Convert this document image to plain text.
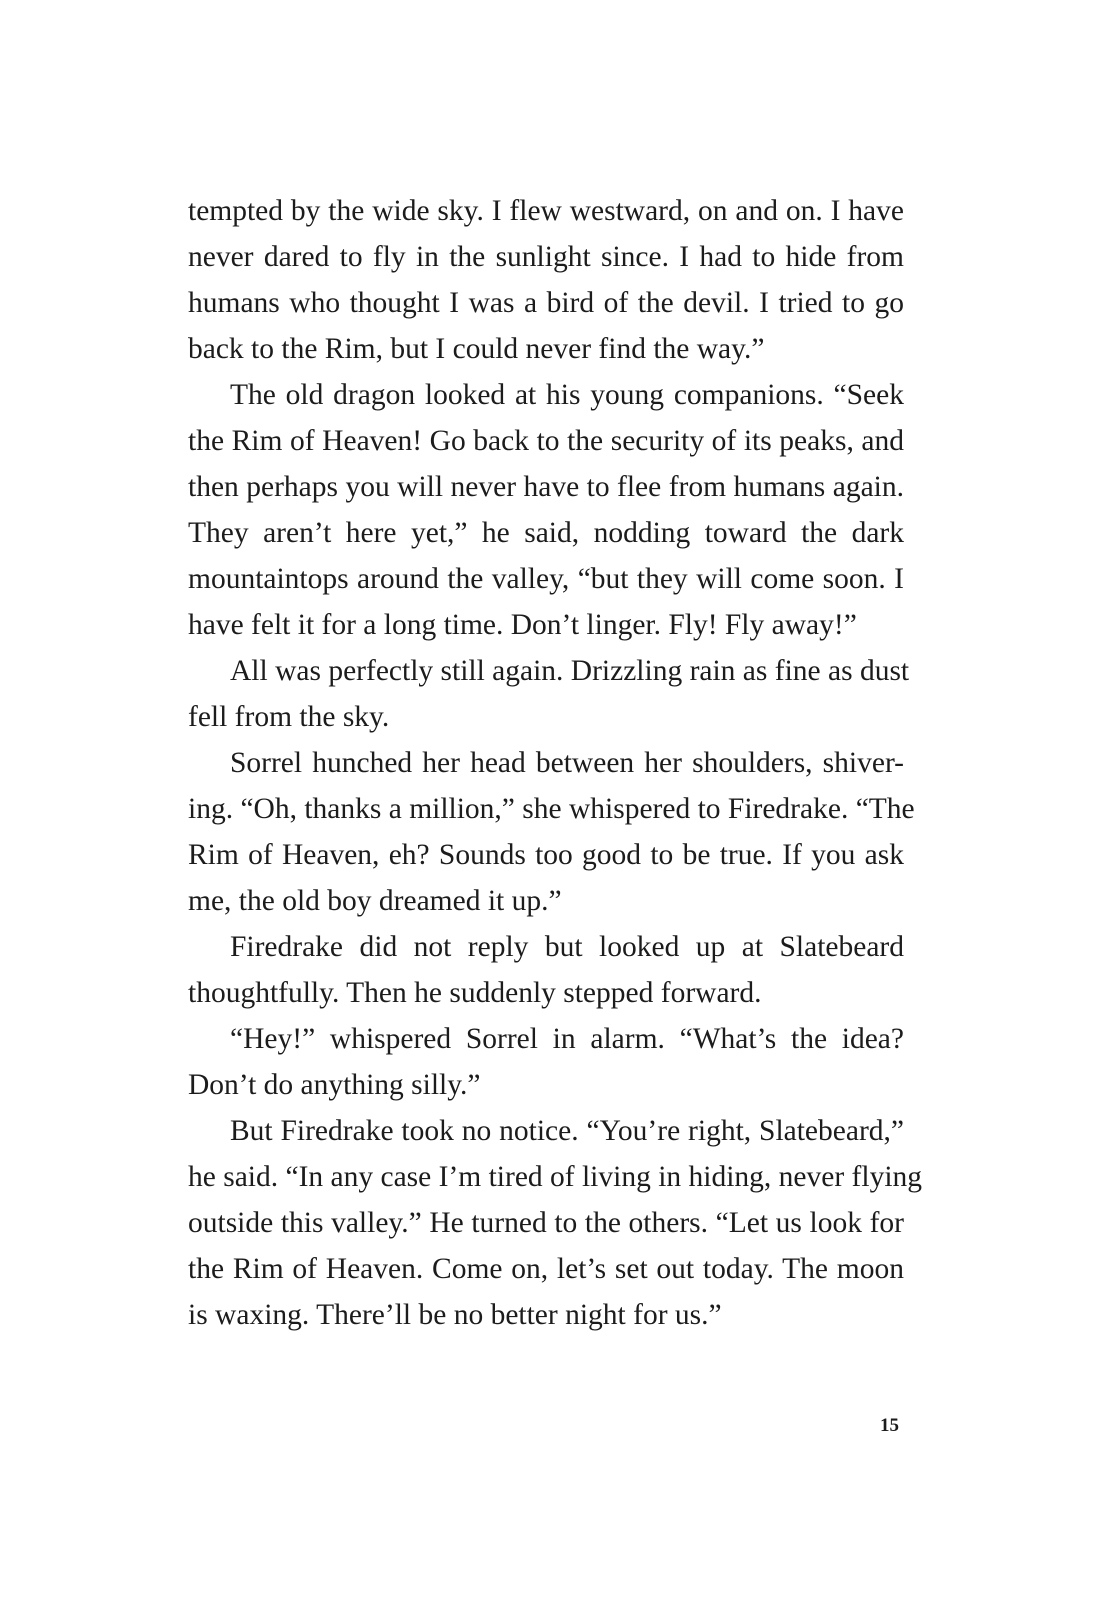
tempted by the wide sky. I flew westward, on and on. I have
never dared to fly in the sunlight since. I had to hide from
humans who thought I was a bird of the devil. I tried to go
back to the Rim, but I could never find the way.”
The old dragon looked at his young companions. “Seek
the Rim of Heaven! Go back to the security of its peaks, and
then perhaps you will never have to flee from humans again.
They aren’t here yet,” he said, nodding toward the dark
mountaintops around the valley, “but they will come soon. I
have felt it for a long time. Don’t linger. Fly! Fly away!”
All was perfectly still again. Drizzling rain as fine as dust
fell from the sky.
Sorrel hunched her head between her shoulders, shiver-
ing. “Oh, thanks a million,” she whispered to Firedrake. “The
Rim of Heaven, eh? Sounds too good to be true. If you ask
me, the old boy dreamed it up.”
Firedrake did not reply but looked up at Slatebeard
thoughtfully. Then he suddenly stepped forward.
“Hey!” whispered Sorrel in alarm. “What’s the idea?
Don’t do anything silly.”
But Firedrake took no notice. “You’re right, Slatebeard,”
he said. “In any case I’m tired of living in hiding, never flying
outside this valley.” He turned to the others. “Let us look for
the Rim of Heaven. Come on, let’s set out today. The moon
is waxing. There’ll be no better night for us.”
15
